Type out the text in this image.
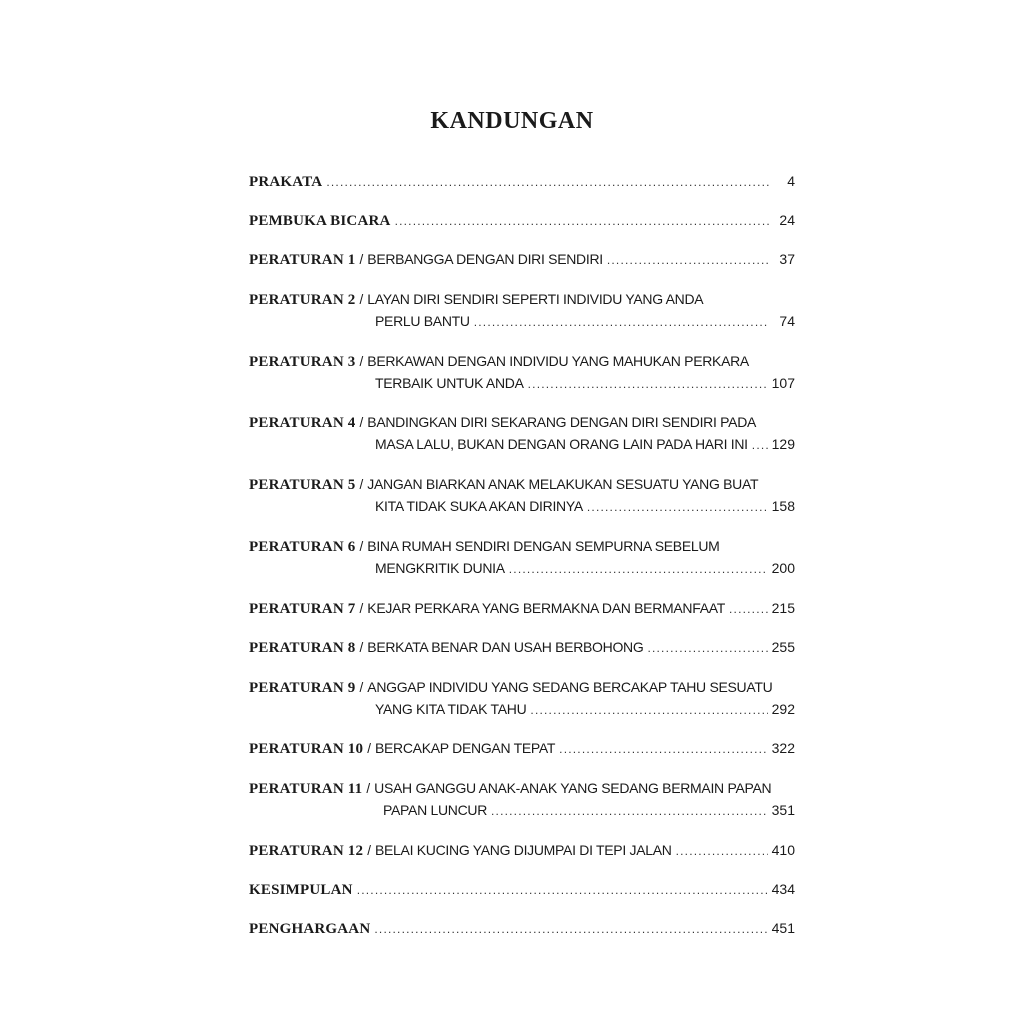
KANDUNGAN
PRAKATA .....	4
PEMBUKA BICARA .....	24
PERATURAN 1 / BERBANGGA DENGAN DIRI SENDIRI .....	37
PERATURAN 2 / LAYAN DIRI SENDIRI SEPERTI INDIVIDU YANG ANDA
PERLU BANTU .....	74
PERATURAN 3 / BERKAWAN DENGAN INDIVIDU YANG MAHUKAN PERKARA
TERBAIK UNTUK ANDA .....	107
PERATURAN 4 / BANDINGKAN DIRI SEKARANG DENGAN DIRI SENDIRI PADA
MASA LALU, BUKAN DENGAN ORANG LAIN PADA HARI INI ..... 129
PERATURAN 5 / JANGAN BIARKAN ANAK MELAKUKAN SESUATU YANG BUAT
KITA TIDAK SUKA AKAN DIRINYA .....	158
PERATURAN 6 / BINA RUMAH SENDIRI DENGAN SEMPURNA SEBELUM
MENGKRITIK DUNIA .....	200
PERATURAN 7 / KEJAR PERKARA YANG BERMAKNA DAN BERMANFAAT .....	215
PERATURAN 8 / BERKATA BENAR DAN USAH BERBOHONG .....	255
PERATURAN 9 / ANGGAP INDIVIDU YANG SEDANG BERCAKAP TAHU SESUATU
YANG KITA TIDAK TAHU .....	292
PERATURAN 10 / BERCAKAP DENGAN TEPAT .....	322
PERATURAN 11 / USAH GANGGU ANAK-ANAK YANG SEDANG BERMAIN PAPAN
PAPAN LUNCUR .....	351
PERATURAN 12 / BELAI KUCING YANG DIJUMPAI DI TEPI JALAN .....	410
KESIMPULAN .....	434
PENGHARGAAN .....	451
